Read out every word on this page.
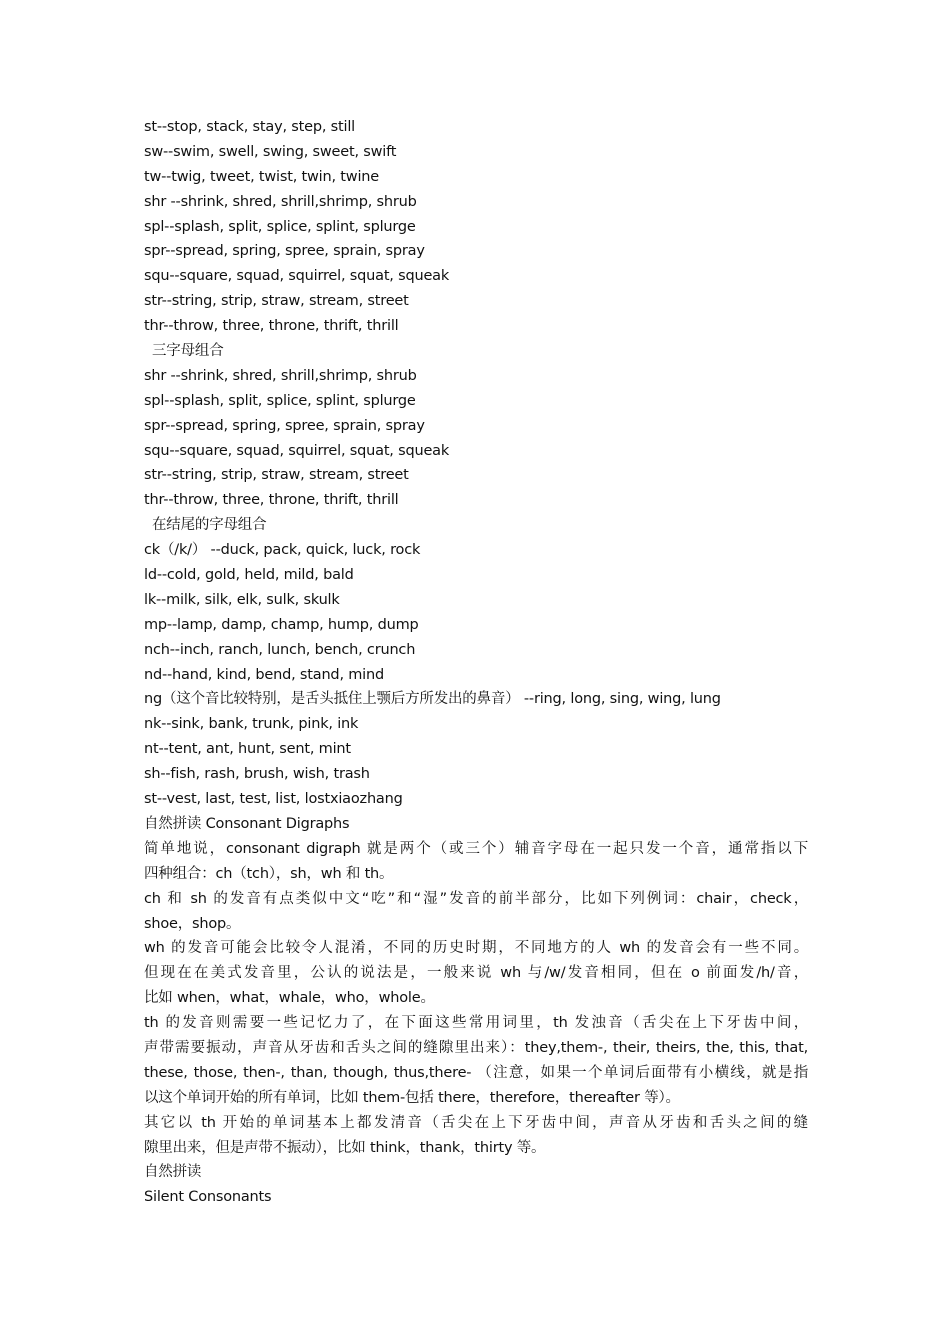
st--stop, stack, stay, step, still
sw--swim, swell, swing, sweet, swift
tw--twig, tweet, twist, twin, twine
shr --shrink, shred, shrill,shrimp, shrub
spl--splash, split, splice, splint, splurge
spr--spread, spring, spree, sprain, spray
squ--square, squad, squirrel, squat, squeak
str--string, strip, straw, stream, street
thr--throw, three, throne, thrift, thrill
三字母组合
shr --shrink, shred, shrill,shrimp, shrub
spl--splash, split, splice, splint, splurge
spr--spread, spring, spree, sprain, spray
squ--square, squad, squirrel, squat, squeak
str--string, strip, straw, stream, street
thr--throw, three, throne, thrift, thrill
在结尾的字母组合
ck（/k/） --duck, pack, quick, luck, rock
ld--cold, gold, held, mild, bald
lk--milk, silk, elk, sulk, skulk
mp--lamp, damp, champ, hump, dump
nch--inch, ranch, lunch, bench, crunch
nd--hand, kind, bend, stand, mind
ng（这个音比较特别，是舌头抵住上颚后方所发出的鼻音） --ring, long, sing, wing, lung
nk--sink, bank, trunk, pink, ink
nt--tent, ant, hunt, sent, mint
sh--fish, rash, brush, wish, trash
st--vest, last, test, list, lostxiaozhang
自然拼读 Consonant Digraphs
简单地说，consonant digraph 就是两个（或三个）辅音字母在一起只发一个音，通常指以下
四种组合：ch（tch），sh，wh 和 th。
ch 和 sh 的发音有点类似中文“吃”和“湿”发音的前半部分，比如下列例词：chair，check，
shoe，shop。
wh 的发音可能会比较令人混淆，不同的历史时期，不同地方的人 wh 的发音会有一些不同。
但现在在美式发音里，公认的说法是，一般来说 wh 与/w/发音相同，但在 o 前面发/h/音，
比如 when，what，whale，who，whole。
th 的发音则需要一些记忆力了，在下面这些常用词里，th 发浊音（舌尖在上下牙齿中间，
声带需要振动，声音从牙齿和舌头之间的缝隙里出来）：they,them-, their, theirs, the, this, that,
these, those, then-, than, though, thus,there- （注意，如果一个单词后面带有小横线，就是指
以这个单词开始的所有单词，比如 them-包括 there，therefore，thereafter 等）。
其它以 th 开始的单词基本上都发清音（舌尖在上下牙齿中间，声音从牙齿和舌头之间的缝
隙里出来，但是声带不振动），比如 think，thank，thirty 等。
自然拼读
Silent Consonants
